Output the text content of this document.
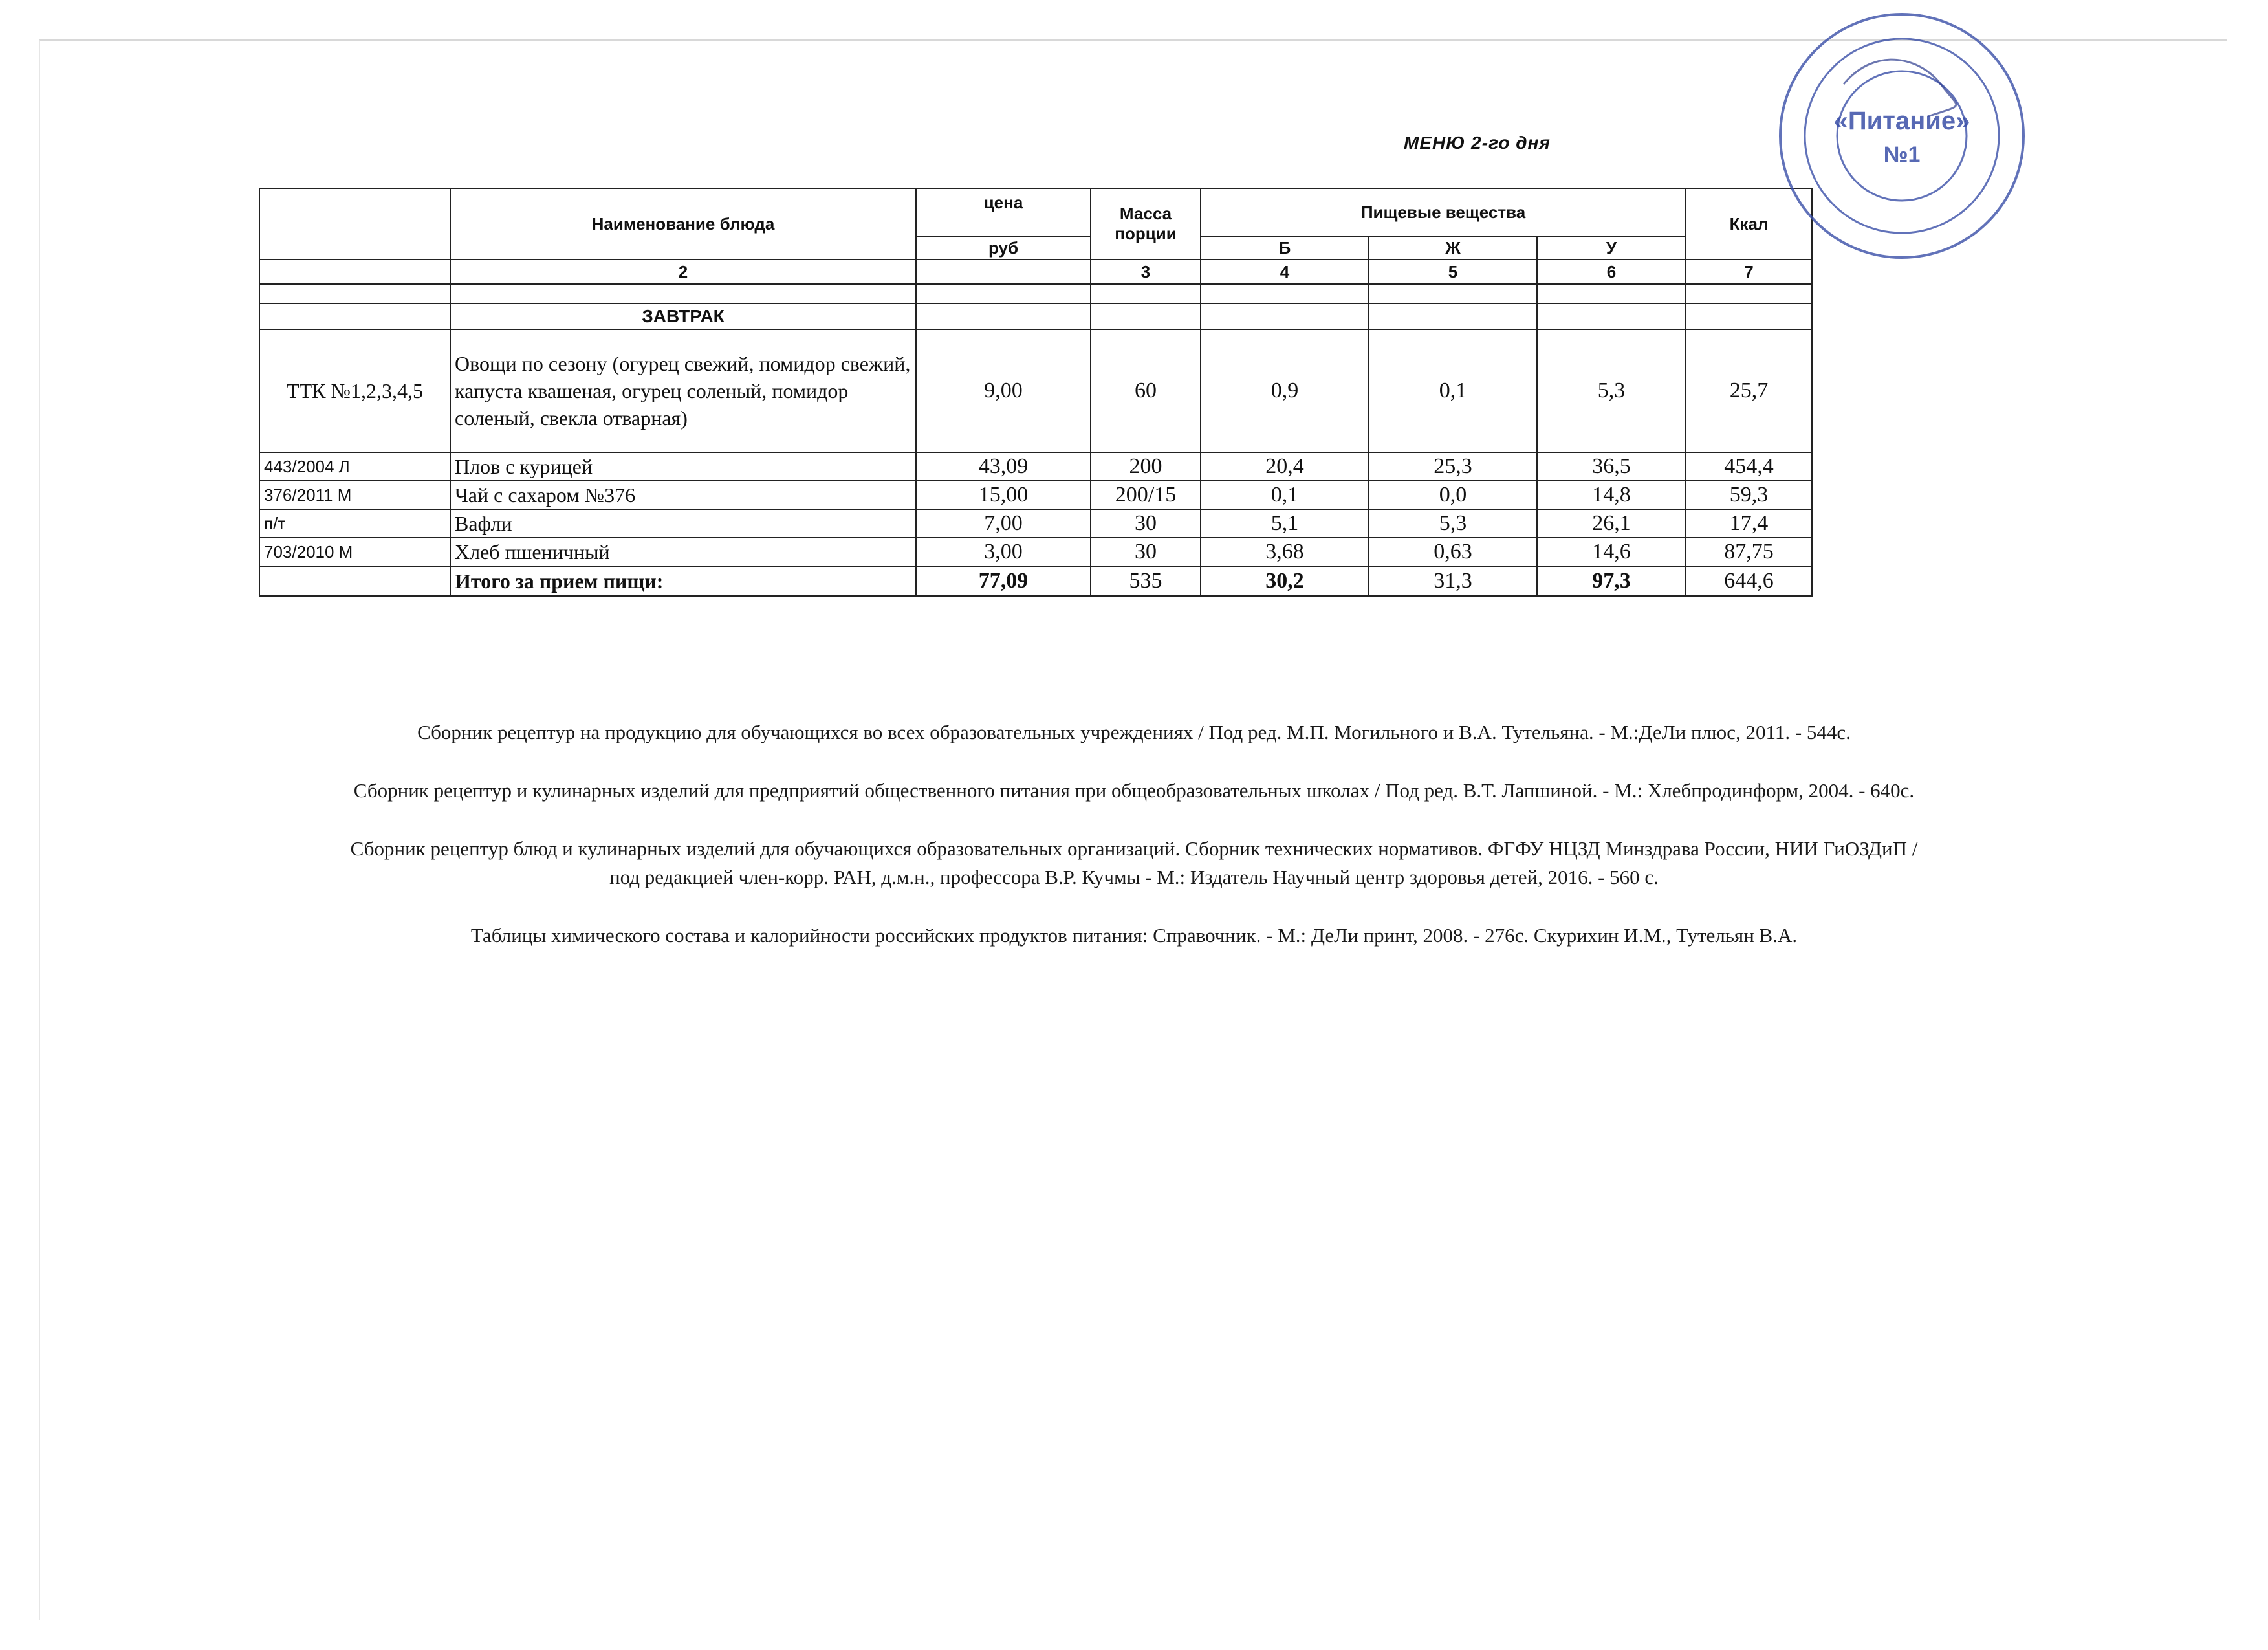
МЕНЮ 2-го дня
	Наименование блюда	цена	Масса порции	Пищевые вещества			Ккал

		руб		Б	Ж	У	
	2		3	4	5	6	7

	ЗАВТРАК						
ТТК №1,2,3,4,5	Овощи по сезону (огурец свежий, помидор свежий, капуста квашеная, огурец соленый, помидор соленый, свекла отварная)	9,00	60	0,9	0,1	5,3	25,7
443/2004 Л	Плов с курицей	43,09	200	20,4	25,3	36,5	454,4
376/2011 М	Чай с сахаром №376	15,00	200/15	0,1	0,0	14,8	59,3
п/т	Вафли	7,00	30	5,1	5,3	26,1	17,4
703/2010 М	Хлеб пшеничный	3,00	30	3,68	0,63	14,6	87,75
	Итого за прием пищи:	77,09	535	30,2	31,3	97,3	644,6

Сборник рецептур на продукцию для обучающихся во всех образовательных учреждениях / Под ред. М.П. Могильного и В.А. Тутельяна. - М.:ДеЛи плюс, 2011. - 544с.

Сборник рецептур и кулинарных изделий для предприятий общественного питания при общеобразовательных школах / Под ред. В.Т. Лапшиной. - М.: Хлебпродинформ, 2004. - 640с.

Сборник рецептур блюд и кулинарных изделий для обучающихся образовательных организаций. Сборник технических нормативов. ФГФУ НЦЗД Минздрава России, НИИ ГиОЗДиП /

под редакцией член-корр. РАН, д.м.н., профессора В.Р. Кучмы - М.: Издатель Научный центр здоровья детей, 2016. - 560 с.

Таблицы химического состава и калорийности российских продуктов питания: Справочник. - М.: ДеЛи принт, 2008. - 276с. Скурихин И.М., Тутельян В.А.

«Питание»
№1
